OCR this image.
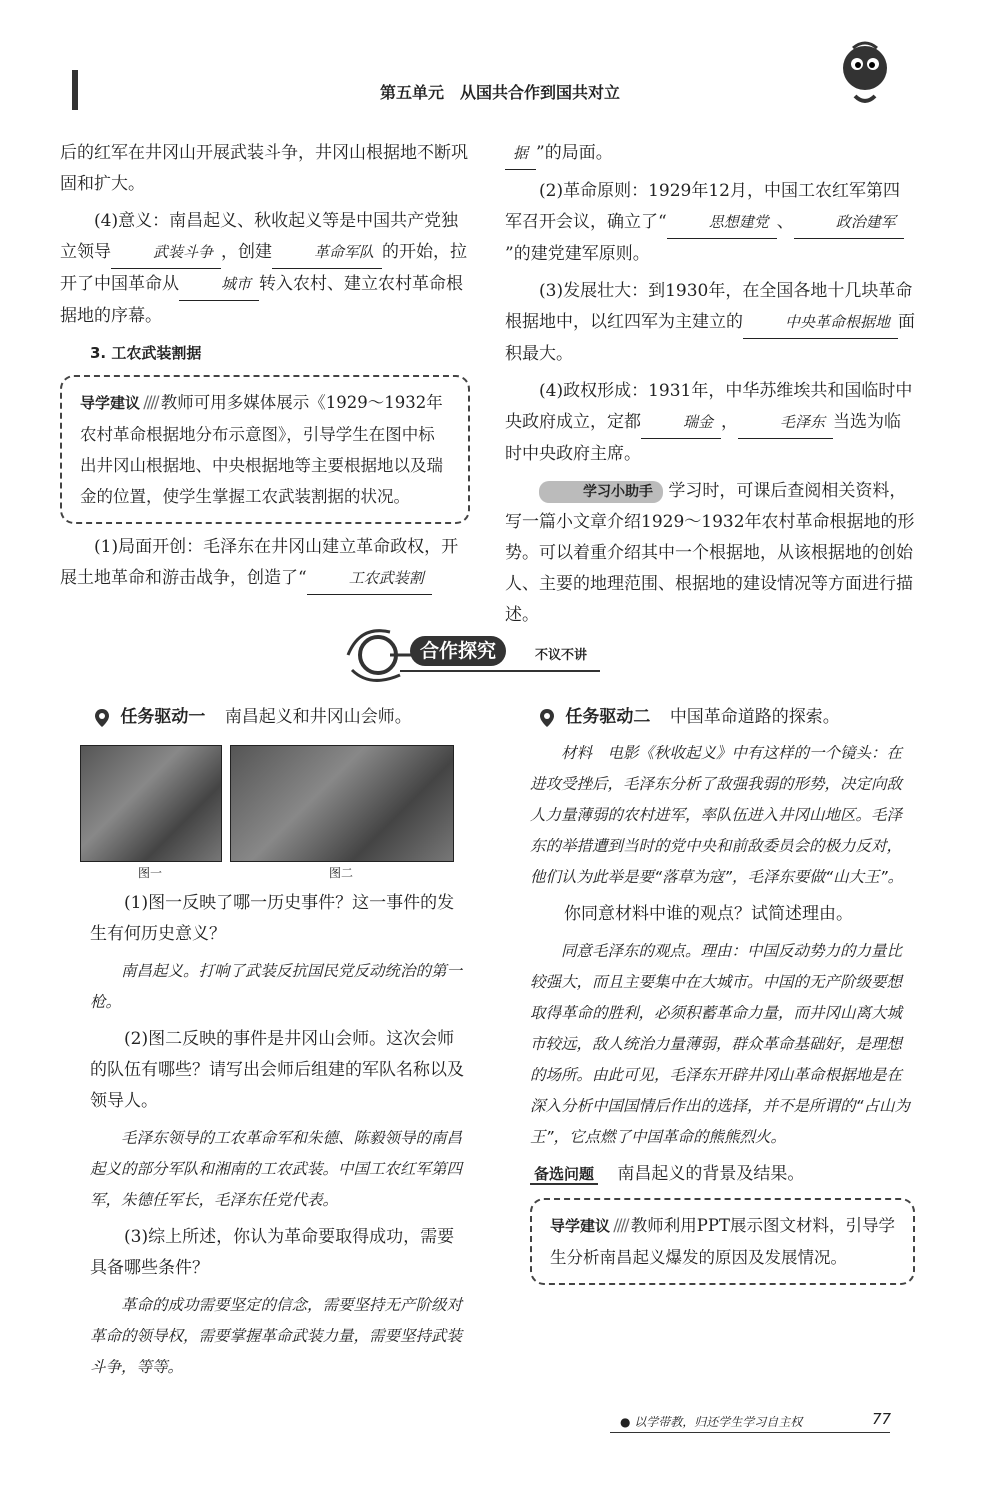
第五单元　从国共合作到国共对立

后的红军在井冈山开展武装斗争，井冈山根据地不断巩固和扩大。

(4)意义：南昌起义、秋收起义等是中国共产党独立领导	武装斗争 ，创建	革命军队 的开始，拉开了中国革命从	城市 转入农村、建立农村革命根据地的序幕。

3. 工农武装割据
导学建议 //// 教师可用多媒体展示《1929～1932年农村革命根据地分布示意图》，引导学生在图中标出井冈山根据地、中央根据地等主要根据地以及瑞金的位置，使学生掌握工农武装割据的状况。

(1)局面开创：毛泽东在井冈山建立革命政权，开展土地革命和游击战争，创造了“	工农武装割

据 ”的局面。

(2)革命原则：1929年12月，中国工农红军第四军召开会议，确立了“	思想建党 、	政治建军”的建党建军原则。

(3)发展壮大：到1930年，在全国各地十几块革命根据地中，以红四军为主建立的	中央革命根据地 面积最大。

(4)政权形成：1931年，中华苏维埃共和国临时中央政府成立，定都	瑞金 ，	毛泽东 当选为临时中央政府主席。

学习小助手 学习时，可课后查阅相关资料，写一篇小文章介绍1929～1932年农村革命根据地的形势。可以着重介绍其中一个根据地，从该根据地的创始人、主要的地理范围、根据地的建设情况等方面进行描述。

合作探究	不议不讲
任务驱动一 南昌起义和井冈山会师。
图一	图二

(1)图一反映了哪一历史事件？这一事件的发生有何历史意义？

南昌起义。打响了武装反抗国民党反动统治的第一枪。

(2)图二反映的事件是井冈山会师。这次会师的队伍有哪些？请写出会师后组建的军队名称以及领导人。

毛泽东领导的工农革命军和朱德、陈毅领导的南昌起义的部分军队和湘南的工农武装。中国工农红军第四军，朱德任军长，毛泽东任党代表。

(3)综上所述，你认为革命要取得成功，需要具备哪些条件？

革命的成功需要坚定的信念，需要坚持无产阶级对革命的领导权，需要掌握革命武装力量，需要坚持武装斗争，等等。

任务驱动二 中国革命道路的探索。

材料　电影《秋收起义》中有这样的一个镜头：在进攻受挫后，毛泽东分析了敌强我弱的形势，决定向敌人力量薄弱的农村进军，率队伍进入井冈山地区。毛泽东的举措遭到当时的党中央和前敌委员会的极力反对，他们认为此举是要“落草为寇”，毛泽东要做“山大王”。

你同意材料中谁的观点？试简述理由。

同意毛泽东的观点。理由：中国反动势力的力量比较强大，而且主要集中在大城市。中国的无产阶级要想取得革命的胜利，必须积蓄革命力量，而井冈山离大城市较远，敌人统治力量薄弱，群众革命基础好，是理想的场所。由此可见，毛泽东开辟井冈山革命根据地是在深入分析中国国情后作出的选择，并不是所谓的“占山为王”，它点燃了中国革命的熊熊烈火。

备选问题 南昌起义的背景及结果。
导学建议 //// 教师利用PPT展示图文材料，引导学生分析南昌起义爆发的原因及发展情况。
● 以学带教，归还学生学习自主权	77
